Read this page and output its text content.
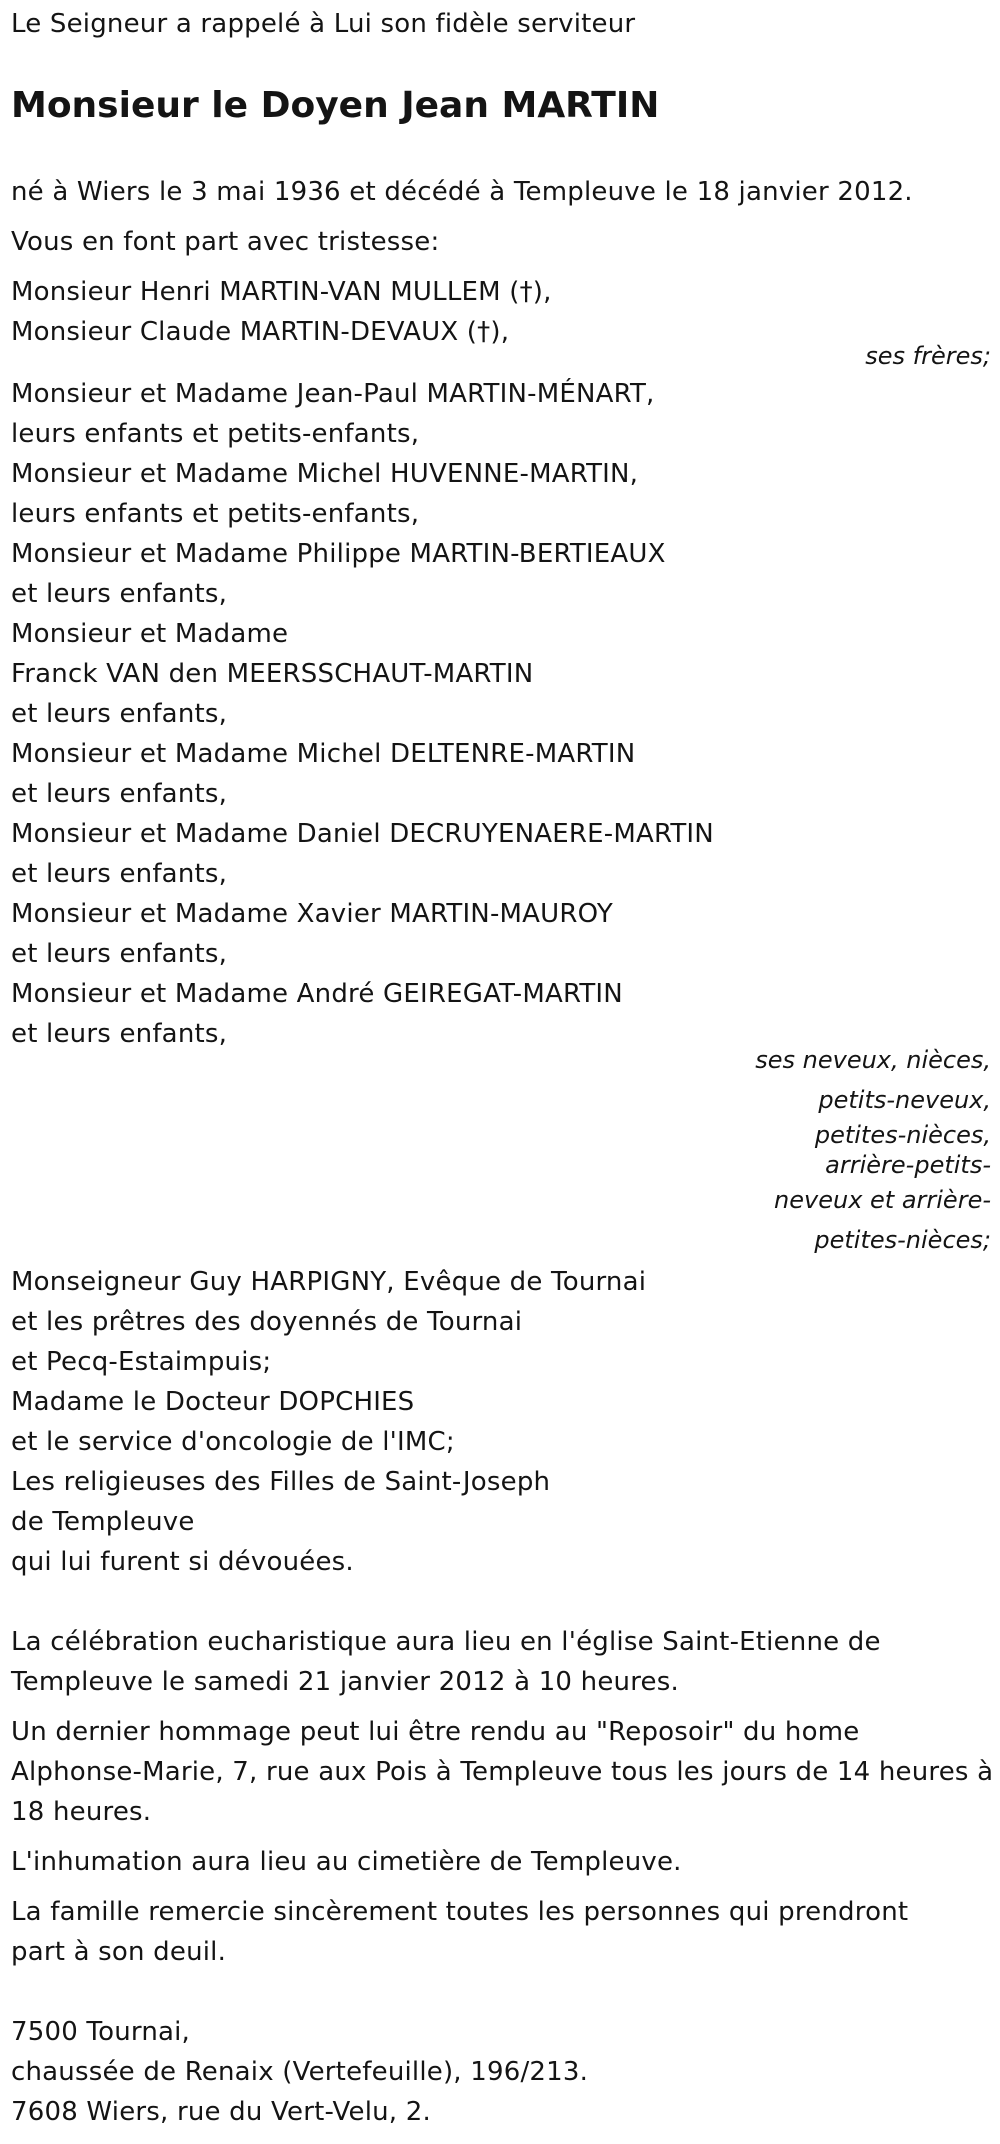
Le Seigneur a rappelé à Lui son fidèle serviteur
Monsieur le Doyen Jean MARTIN
né à Wiers le 3 mai 1936 et décédé à Templeuve le 18 janvier 2012.
Vous en font part avec tristesse:
Monsieur Henri MARTIN-VAN MULLEM (†),
Monsieur Claude MARTIN-DEVAUX (†),
ses frères;
Monsieur et Madame Jean-Paul MARTIN-MÉNART,
leurs enfants et petits-enfants,
Monsieur et Madame Michel HUVENNE-MARTIN,
leurs enfants et petits-enfants,
Monsieur et Madame Philippe MARTIN-BERTIEAUX
et leurs enfants,
Monsieur et Madame
Franck VAN den MEERSSCHAUT-MARTIN
et leurs enfants,
Monsieur et Madame Michel DELTENRE-MARTIN
et leurs enfants,
Monsieur et Madame Daniel DECRUYENAERE-MARTIN
et leurs enfants,
Monsieur et Madame Xavier MARTIN-MAUROY
et leurs enfants,
Monsieur et Madame André GEIREGAT-MARTIN
et leurs enfants,
ses neveux, nièces,
petits-neveux,
petites-nièces,
arrière-petits-
neveux et arrière-
petites-nièces;
Monseigneur Guy HARPIGNY, Evêque de Tournai
et les prêtres des doyennés de Tournai
et Pecq-Estaimpuis;
Madame le Docteur DOPCHIES
et le service d'oncologie de l'IMC;
Les religieuses des Filles de Saint-Joseph
de Templeuve
qui lui furent si dévouées.
La célébration eucharistique aura lieu en l'église Saint-Etienne de
Templeuve le samedi 21 janvier 2012 à 10 heures.
Un dernier hommage peut lui être rendu au "Reposoir" du home
Alphonse-Marie, 7, rue aux Pois à Templeuve tous les jours de 14 heures à
18 heures.
L'inhumation aura lieu au cimetière de Templeuve.
La famille remercie sincèrement toutes les personnes qui prendront
part à son deuil.
7500 Tournai,
chaussée de Renaix (Vertefeuille), 196/213.
7608 Wiers, rue du Vert-Velu, 2.
